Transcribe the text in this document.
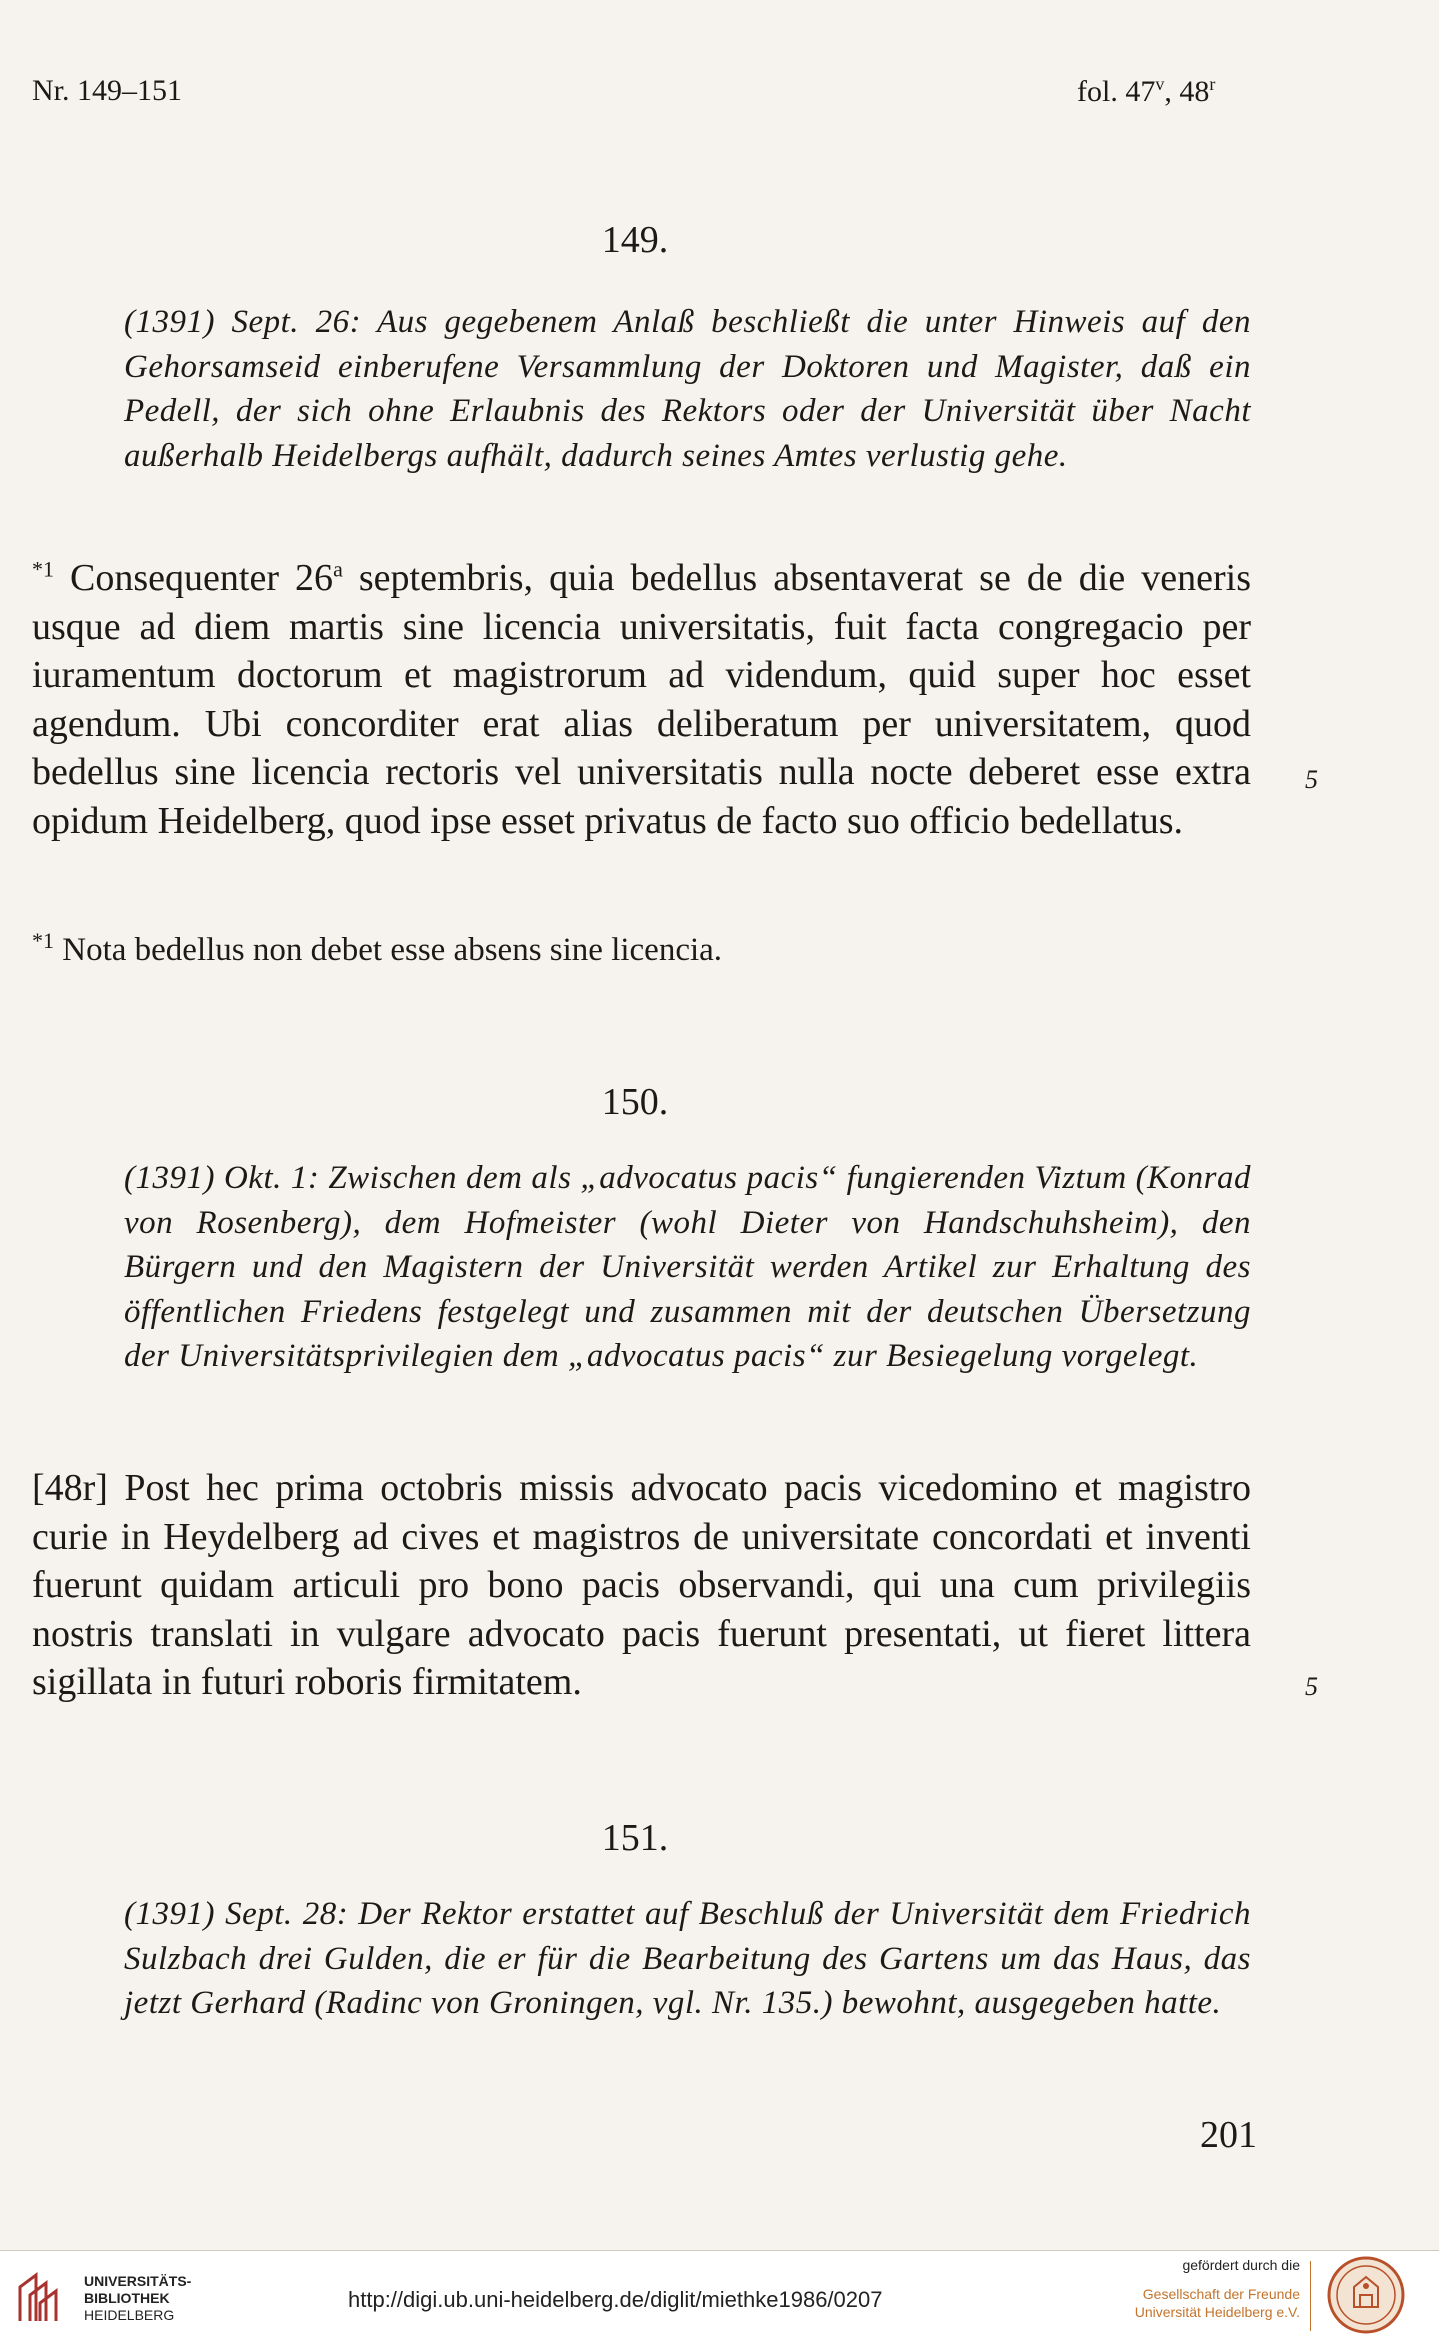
Nr. 149–151	fol. 47$^v$, 48$^r$
149.
(1391) Sept. 26: Aus gegebenem Anlaß beschließt die unter Hinweis auf den Gehorsamseid einberufene Versammlung der Doktoren und Magister, daß ein Pedell, der sich ohne Erlaubnis des Rektors oder der Universität über Nacht außerhalb Heidelbergs aufhält, dadurch seines Amtes verlustig gehe.
$^{*1}$ Consequenter 26$^a$ septembris, quia bedellus absentaverat se de die veneris usque ad diem martis sine licencia universitatis, fuit facta congregacio per iuramentum doctorum et magistrorum ad videndum, quid super hoc esset agendum. Ubi concorditer erat alias deliberatum per universitatem, quod bedellus sine licencia rectoris vel universitatis nulla nocte deberet esse extra opidum Heidelberg, quod ipse esset privatus de facto suo officio bedellatus.
5
$^{*1}$ Nota bedellus non debet esse absens sine licencia.
150.
(1391) Okt. 1: Zwischen dem als „advocatus pacis“ fungierenden Viztum (Konrad von Rosenberg), dem Hofmeister (wohl Dieter von Handschuhsheim), den Bürgern und den Magistern der Universität werden Artikel zur Erhaltung des öffentlichen Friedens festgelegt und zusammen mit der deutschen Übersetzung der Universitätsprivilegien dem „advocatus pacis“ zur Besiegelung vorgelegt.
[48r] Post hec prima octobris missis advocato pacis vicedomino et magistro curie in Heydelberg ad cives et magistros de universitate concordati et inventi fuerunt quidam articuli pro bono pacis observandi, qui una cum privilegiis nostris translati in vulgare advocato pacis fuerunt presentati, ut fieret littera sigillata in futuri roboris firmitatem.	5
151.
(1391) Sept. 28: Der Rektor erstattet auf Beschluß der Universität dem Friedrich Sulzbach drei Gulden, die er für die Bearbeitung des Gartens um das Haus, das jetzt Gerhard (Radinc von Groningen, vgl. Nr. 135.) bewohnt, ausgegeben hatte.
201
UNIVERSITÄTS-
BIBLIOTHEK
HEIDELBERG
http://digi.ub.uni-heidelberg.de/diglit/miethke1986/0207
gefördert durch die
Gesellschaft der Freunde
Universität Heidelberg e.V.
